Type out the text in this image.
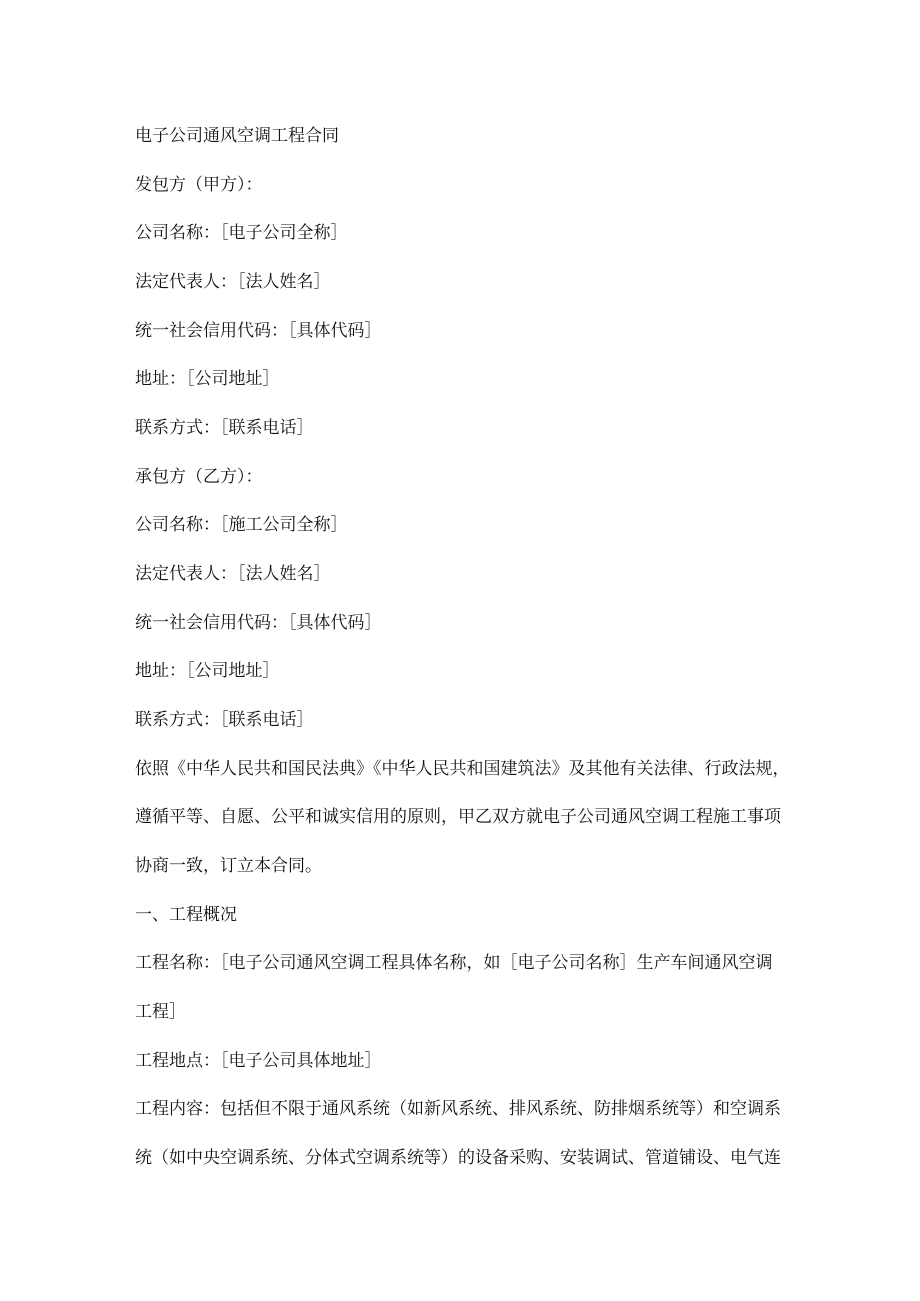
电子公司通风空调工程合同
发包方（甲方）：
公司名称：［电子公司全称］
法定代表人：［法人姓名］
统一社会信用代码：［具体代码］
地址：［公司地址］
联系方式：［联系电话］
承包方（乙方）：
公司名称：［施工公司全称］
法定代表人：［法人姓名］
统一社会信用代码：［具体代码］
地址：［公司地址］
联系方式：［联系电话］
依照《中华人民共和国民法典》《中华人民共和国建筑法》及其他有关法律、行政法规，
遵循平等、自愿、公平和诚实信用的原则，甲乙双方就电子公司通风空调工程施工事项
协商一致，订立本合同。
一、工程概况
工程名称：［电子公司通风空调工程具体名称，如［电子公司名称］生产车间通风空调
工程］
工程地点：［电子公司具体地址］
工程内容：包括但不限于通风系统（如新风系统、排风系统、防排烟系统等）和空调系
统（如中央空调系统、分体式空调系统等）的设备采购、安装调试、管道铺设、电气连
